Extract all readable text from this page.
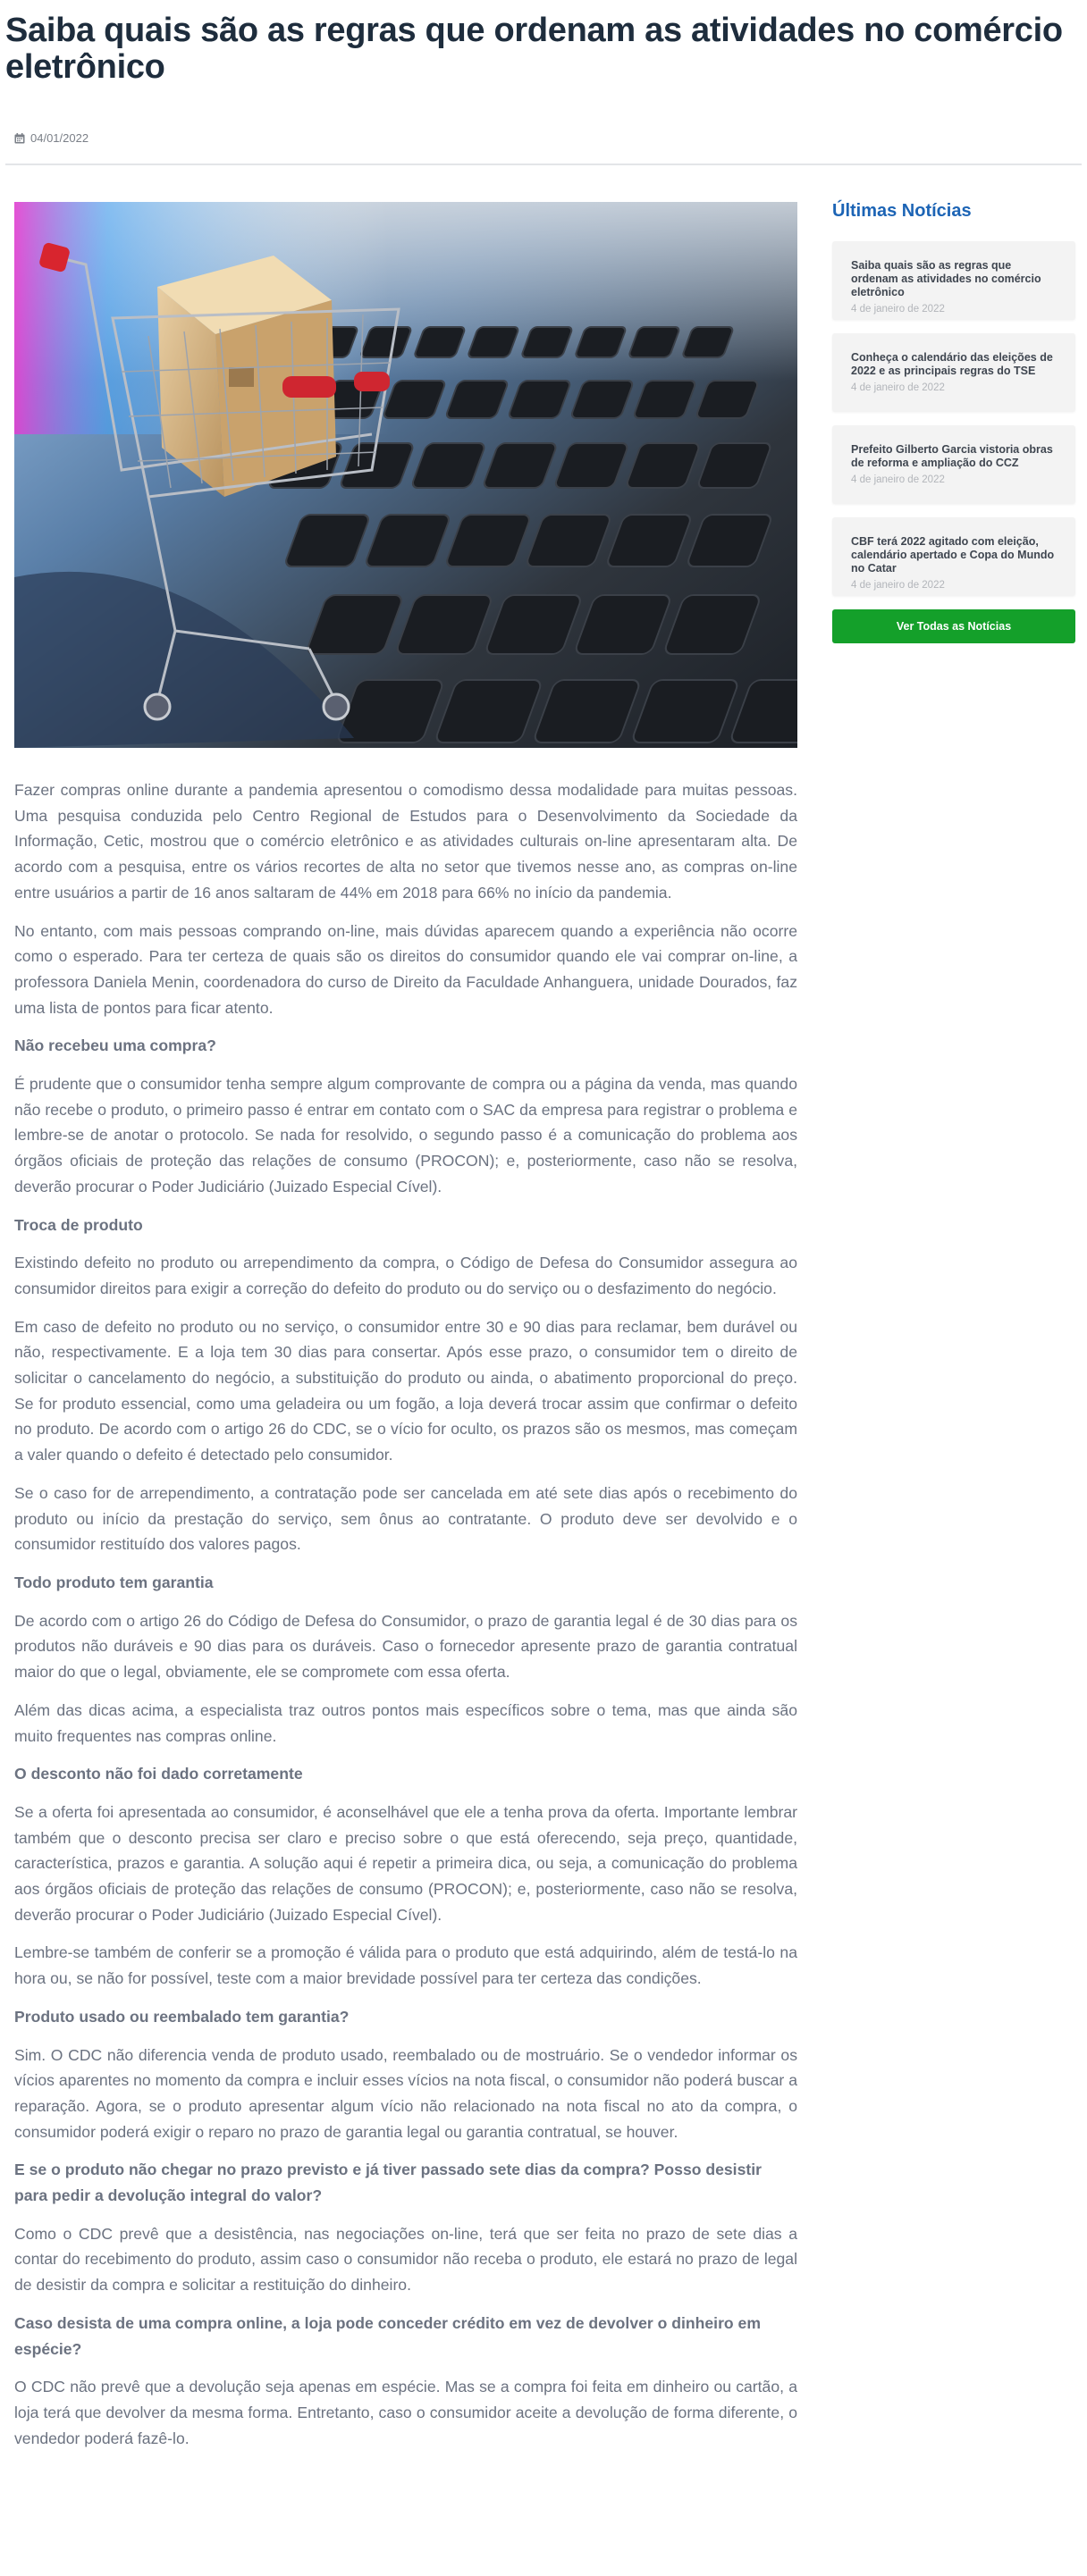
Saiba quais são as regras que ordenam as atividades no comércio eletrônico
04/01/2022

Fazer compras online durante a pandemia apresentou o comodismo dessa modalidade para muitas pessoas. Uma pesquisa conduzida pelo Centro Regional de Estudos para o Desenvolvimento da Sociedade da Informação, Cetic, mostrou que o comércio eletrônico e as atividades culturais on-line apresentaram alta. De acordo com a pesquisa, entre os vários recortes de alta no setor que tivemos nesse ano, as compras on-line entre usuários a partir de 16 anos saltaram de 44% em 2018 para 66% no início da pandemia.

No entanto, com mais pessoas comprando on-line, mais dúvidas aparecem quando a experiência não ocorre como o esperado. Para ter certeza de quais são os direitos do consumidor quando ele vai comprar on-line, a professora Daniela Menin, coordenadora do curso de Direito da Faculdade Anhanguera, unidade Dourados, faz uma lista de pontos para ficar atento.

Não recebeu uma compra?

É prudente que o consumidor tenha sempre algum comprovante de compra ou a página da venda, mas quando não recebe o produto, o primeiro passo é entrar em contato com o SAC da empresa para registrar o problema e lembre-se de anotar o protocolo. Se nada for resolvido, o segundo passo é a comunicação do problema aos órgãos oficiais de proteção das relações de consumo (PROCON); e, posteriormente, caso não se resolva, deverão procurar o Poder Judiciário (Juizado Especial Cível).

Troca de produto

Existindo defeito no produto ou arrependimento da compra, o Código de Defesa do Consumidor assegura ao consumidor direitos para exigir a correção do defeito do produto ou do serviço ou o desfazimento do negócio.

Em caso de defeito no produto ou no serviço, o consumidor entre 30 e 90 dias para reclamar, bem durável ou não, respectivamente. E a loja tem 30 dias para consertar. Após esse prazo, o consumidor tem o direito de solicitar o cancelamento do negócio, a substituição do produto ou ainda, o abatimento proporcional do preço. Se for produto essencial, como uma geladeira ou um fogão, a loja deverá trocar assim que confirmar o defeito no produto. De acordo com o artigo 26 do CDC, se o vício for oculto, os prazos são os mesmos, mas começam a valer quando o defeito é detectado pelo consumidor.

Se o caso for de arrependimento, a contratação pode ser cancelada em até sete dias após o recebimento do produto ou início da prestação do serviço, sem ônus ao contratante. O produto deve ser devolvido e o consumidor restituído dos valores pagos.

Todo produto tem garantia

De acordo com o artigo 26 do Código de Defesa do Consumidor, o prazo de garantia legal é de 30 dias para os produtos não duráveis e 90 dias para os duráveis. Caso o fornecedor apresente prazo de garantia contratual maior do que o legal, obviamente, ele se compromete com essa oferta.

Além das dicas acima, a especialista traz outros pontos mais específicos sobre o tema, mas que ainda são muito frequentes nas compras online.

O desconto não foi dado corretamente

Se a oferta foi apresentada ao consumidor, é aconselhável que ele a tenha prova da oferta. Importante lembrar também que o desconto precisa ser claro e preciso sobre o que está oferecendo, seja preço, quantidade, característica, prazos e garantia. A solução aqui é repetir a primeira dica, ou seja, a comunicação do problema aos órgãos oficiais de proteção das relações de consumo (PROCON); e, posteriormente, caso não se resolva, deverão procurar o Poder Judiciário (Juizado Especial Cível).

Lembre-se também de conferir se a promoção é válida para o produto que está adquirindo, além de testá-lo na hora ou, se não for possível, teste com a maior brevidade possível para ter certeza das condições.

Produto usado ou reembalado tem garantia?

Sim. O CDC não diferencia venda de produto usado, reembalado ou de mostruário. Se o vendedor informar os vícios aparentes no momento da compra e incluir esses vícios na nota fiscal, o consumidor não poderá buscar a reparação. Agora, se o produto apresentar algum vício não relacionado na nota fiscal no ato da compra, o consumidor poderá exigir o reparo no prazo de garantia legal ou garantia contratual, se houver.

E se o produto não chegar no prazo previsto e já tiver passado sete dias da compra? Posso desistir para pedir a devolução integral do valor?

Como o CDC prevê que a desistência, nas negociações on-line, terá que ser feita no prazo de sete dias a contar do recebimento do produto, assim caso o consumidor não receba o produto, ele estará no prazo de legal de desistir da compra e solicitar a restituição do dinheiro.

Caso desista de uma compra online, a loja pode conceder crédito em vez de devolver o dinheiro em espécie?

O CDC não prevê que a devolução seja apenas em espécie. Mas se a compra foi feita em dinheiro ou cartão, a loja terá que devolver da mesma forma. Entretanto, caso o consumidor aceite a devolução de forma diferente, o vendedor poderá fazê-lo.

Últimas Notícias
Saiba quais são as regras que ordenam as atividades no comércio eletrônico
4 de janeiro de 2022
Conheça o calendário das eleições de 2022 e as principais regras do TSE
4 de janeiro de 2022
Prefeito Gilberto Garcia vistoria obras de reforma e ampliação do CCZ
4 de janeiro de 2022
CBF terá 2022 agitado com eleição, calendário apertado e Copa do Mundo no Catar
4 de janeiro de 2022
Ver Todas as Notícias
